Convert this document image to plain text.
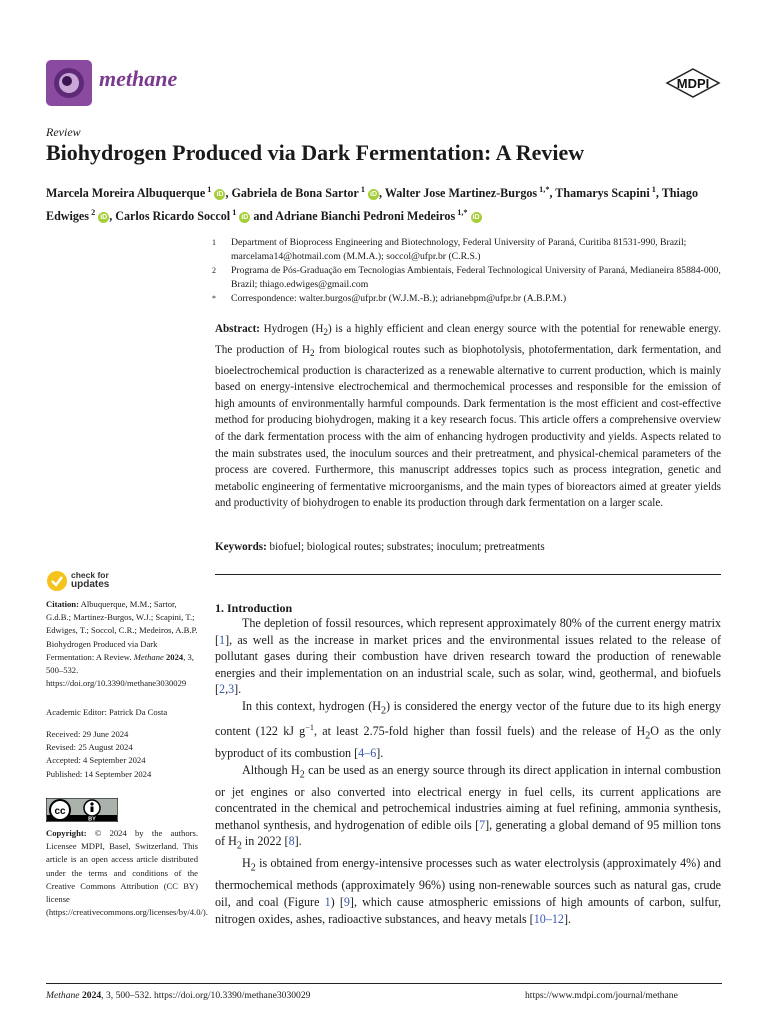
methane	MDPI
Review
Biohydrogen Produced via Dark Fermentation: A Review
Marcela Moreira Albuquerque $^1$ iD , Gabriela de Bona Sartor $^1$ iD , Walter Jose Martinez-Burgos $^{1,*}$, Thamarys Scapini $^1$, Thiago Edwiges $^2$ iD , Carlos Ricardo Soccol $^1$ iD and Adriane Bianchi Pedroni Medeiros $^{1,*}$ iD
1	Department of Bioprocess Engineering and Biotechnology, Federal University of Paraná, Curitiba 81531-990, Brazil; marcelama14@hotmail.com (M.M.A.); soccol@ufpr.br (C.R.S.)
2	Programa de Pós-Graduação em Tecnologias Ambientais, Federal Technological University of Paraná, Medianeira 85884-000, Brazil; thiago.edwiges@gmail.com
*	Correspondence: walter.burgos@ufpr.br (W.J.M.-B.); adrianebpm@ufpr.br (A.B.P.M.)
Abstract: Hydrogen $(H_2)$ is a highly efficient and clean energy source with the potential for renewable energy. The production of $H_2$ from biological routes such as biophotolysis, photofermentation, dark fermentation, and bioelectrochemical production is characterized as a renewable alternative to current production, which is mainly based on energy-intensive electrochemical and thermochemical processes and responsible for the emission of high amounts of environmentally harmful compounds. Dark fermentation is the most efficient and cost-effective method for producing biohydrogen, making it a key research focus. This article offers a comprehensive overview of the dark fermentation process with the aim of enhancing hydrogen productivity and yields. Aspects related to the main substrates used, the inoculum sources and their pretreatment, and physical-chemical parameters of the process are covered. Furthermore, this manuscript addresses topics such as process integration, genetic and metabolic engineering of fermentative microorganisms, and the main types of bioreactors aimed at greater yields and productivity of biohydrogen to enable its production through dark fermentation on a larger scale.
Keywords: biofuel; biological routes; substrates; inoculum; pretreatments
check for
updates
Citation: Albuquerque, M.M.; Sartor, G.d.B.; Martinez-Burgos, W.J.; Scapini, T.; Edwiges, T.; Soccol, C.R.; Medeiros, A.B.P. Biohydrogen Produced via Dark Fermentation: A Review. Methane 2024, 3, 500–532. https://doi.org/10.3390/methane3030029
Academic Editor: Patrick Da Costa
Received: 29 June 2024
Revised: 25 August 2024
Accepted: 4 September 2024
Published: 14 September 2024
cc
BY
Copyright: © 2024 by the authors. Licensee MDPI, Basel, Switzerland. This article is an open access article distributed under the terms and conditions of the Creative Commons Attribution (CC BY) license (https://creativecommons.org/licenses/by/4.0/).
1. Introduction

The depletion of fossil resources, which represent approximately 80% of the current energy matrix [1], as well as the increase in market prices and the environmental issues related to the release of pollutant gases during their combustion have driven research toward the production of renewable energies and their implementation on an industrial scale, such as solar, wind, geothermal, and biofuels [2,3].

In this context, hydrogen $(H_2)$ is considered the energy vector of the future due to its high energy content (122 kJ $g^{-1}$, at least 2.75-fold higher than fossil fuels) and the release of $H_2O$ as the only byproduct of its combustion [4–6].

Although $H_2$ can be used as an energy source through its direct application in internal combustion or jet engines or also converted into electrical energy in fuel cells, its current applications are concentrated in the chemical and petrochemical industries aiming at fuel refining, ammonia synthesis, methanol synthesis, and hydrogenation of edible oils [7], generating a global demand of 95 million tons of $H_2$ in 2022 [8].

$H_2$ is obtained from energy-intensive processes such as water electrolysis (approximately 4%) and thermochemical methods (approximately 96%) using non-renewable sources such as natural gas, crude oil, and coal (Figure 1) [9], which cause atmospheric emissions of high amounts of carbon, sulfur, nitrogen oxides, ashes, radioactive substances, and heavy metals [10–12].

Methane 2024, 3, 500–532. https://doi.org/10.3390/methane3030029	https://www.mdpi.com/journal/methane
